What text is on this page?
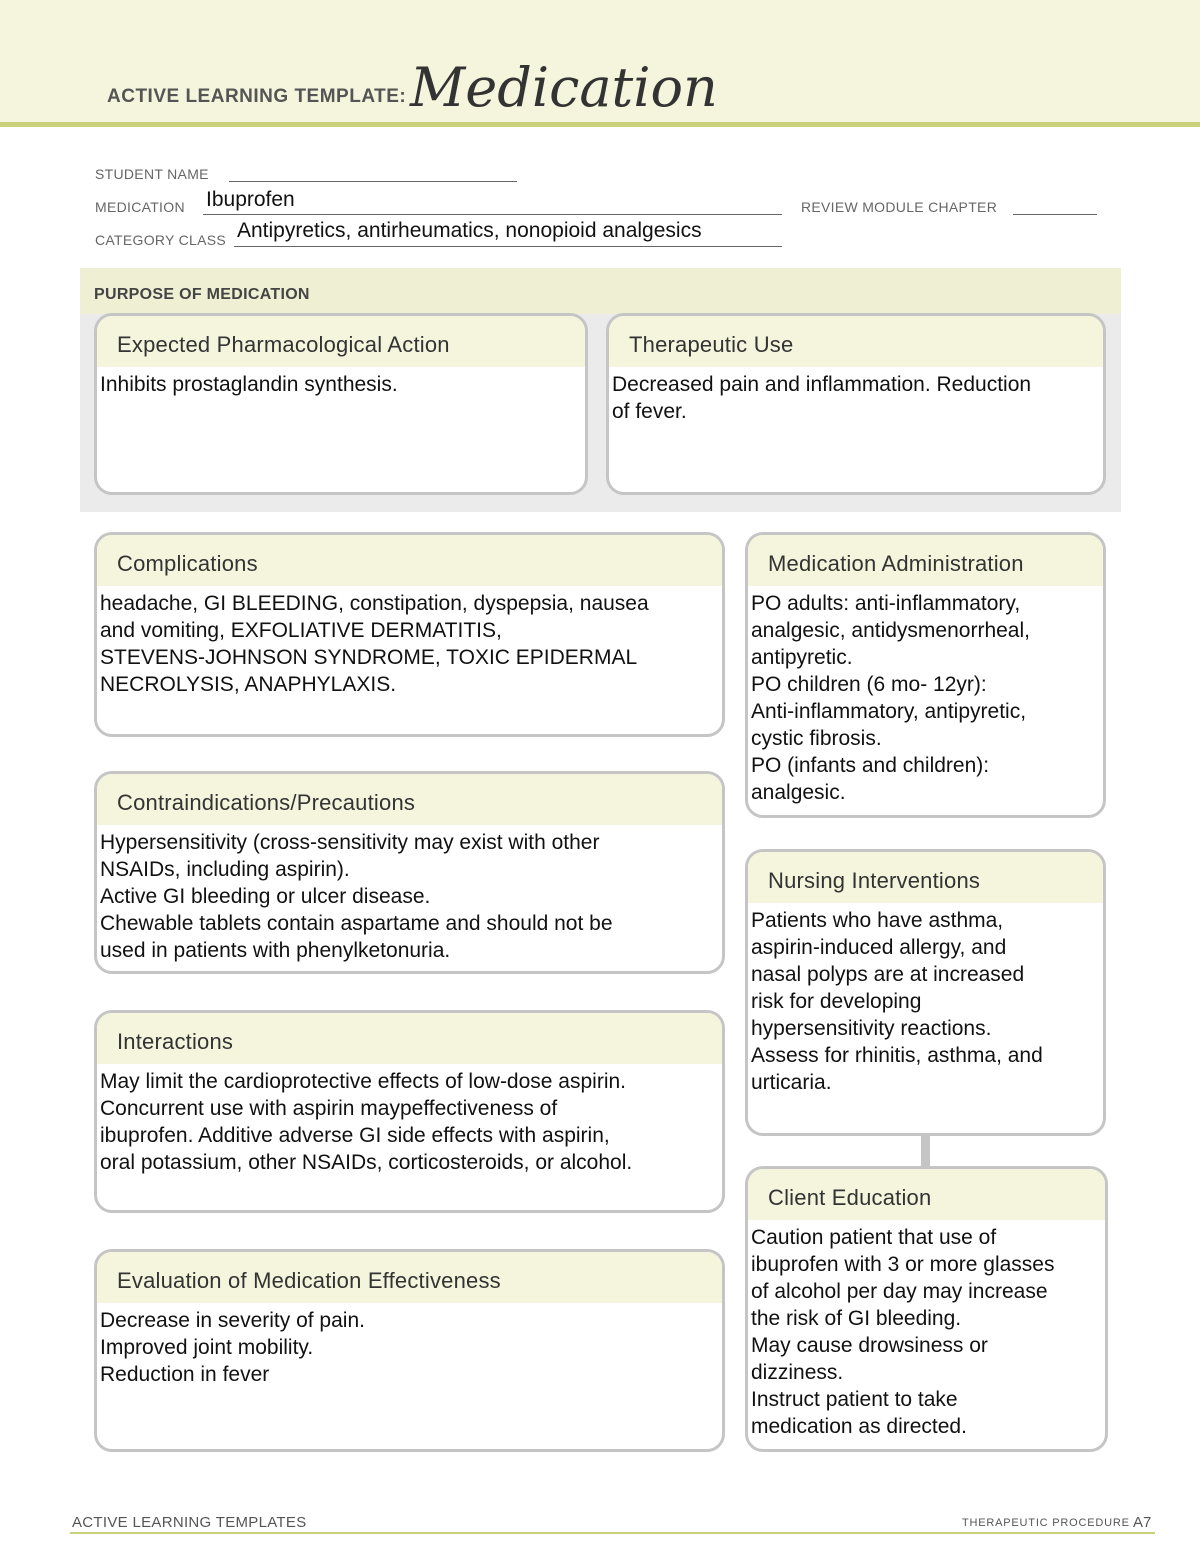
ACTIVE LEARNING TEMPLATE: Medication
STUDENT NAME
MEDICATION Ibuprofen	REVIEW MODULE CHAPTER
CATEGORY CLASS Antipyretics, antirheumatics, nonopioid analgesics
PURPOSE OF MEDICATION
Expected Pharmacological Action
Inhibits prostaglandin synthesis.
Therapeutic Use
Decreased pain and inflammation. Reduction
of fever.
Complications
headache, GI BLEEDING, constipation, dyspepsia, nausea
and vomiting, EXFOLIATIVE DERMATITIS,
STEVENS-JOHNSON SYNDROME, TOXIC EPIDERMAL
NECROLYSIS, ANAPHYLAXIS.
Contraindications/Precautions
Hypersensitivity (cross-sensitivity may exist with other
NSAIDs, including aspirin).
Active GI bleeding or ulcer disease.
Chewable tablets contain aspartame and should not be
used in patients with phenylketonuria.
Interactions
May limit the cardioprotective effects of low-dose aspirin.
Concurrent use with aspirin maypeffectiveness of
ibuprofen. Additive adverse GI side effects with aspirin,
oral potassium, other NSAIDs, corticosteroids, or alcohol.
Evaluation of Medication Effectiveness
Decrease in severity of pain.
Improved joint mobility.
Reduction in fever
Medication Administration
PO adults: anti-inflammatory,
analgesic, antidysmenorrheal,
antipyretic.
PO children (6 mo- 12yr):
Anti-inflammatory, antipyretic,
cystic fibrosis.
PO (infants and children):
analgesic.
Nursing Interventions
Patients who have asthma,
aspirin-induced allergy, and
nasal polyps are at increased
risk for developing
hypersensitivity reactions.
Assess for rhinitis, asthma, and
urticaria.
Client Education
Caution patient that use of
ibuprofen with 3 or more glasses
of alcohol per day may increase
the risk of GI bleeding.
May cause drowsiness or
dizziness.
Instruct patient to take
medication as directed.
ACTIVE LEARNING TEMPLATES	THERAPEUTIC PROCEDURE A7
